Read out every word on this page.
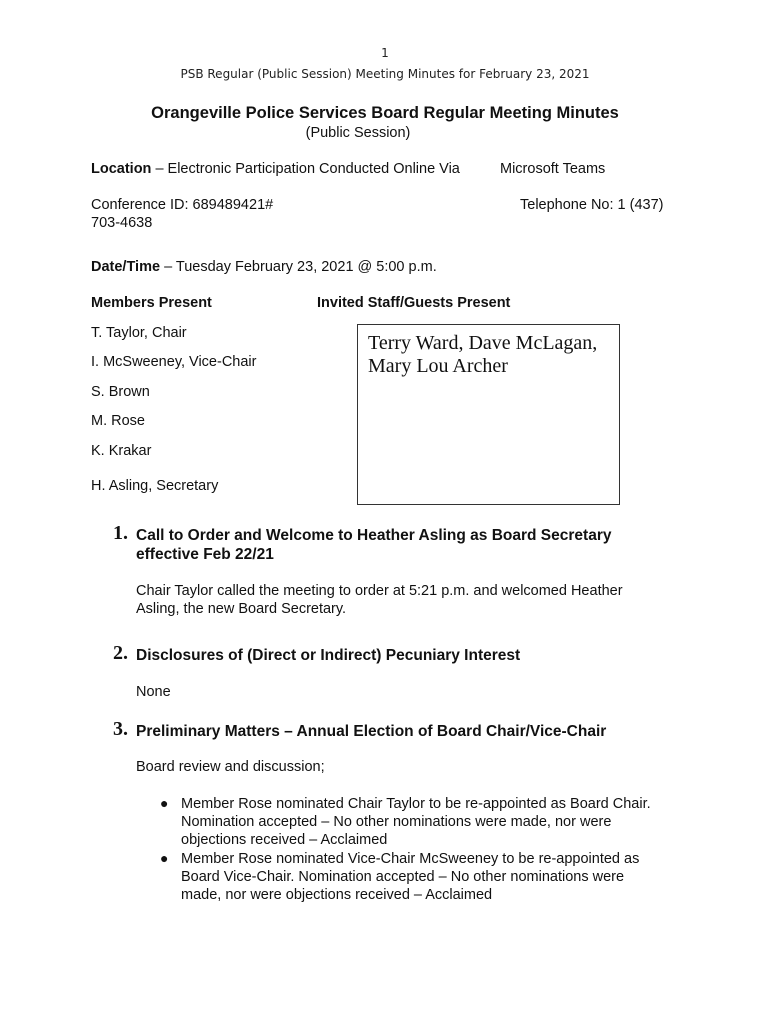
1
PSB Regular (Public Session) Meeting Minutes for February 23, 2021
Orangeville Police Services Board Regular Meeting Minutes
(Public Session)
Location – Electronic Participation Conducted Online Via	Microsoft Teams
Conference ID: 689489421#	Telephone No: 1 (437)
703-4638
Date/Time – Tuesday February 23, 2021 @ 5:00 p.m.
Members Present	Invited Staff/Guests Present
T. Taylor, Chair
I. McSweeney, Vice-Chair
S. Brown
M. Rose
K. Krakar
H. Asling, Secretary
Terry Ward, Dave McLagan, Mary Lou Archer
1. Call to Order and Welcome to Heather Asling as Board Secretary
effective Feb 22/21
Chair Taylor called the meeting to order at 5:21 p.m. and welcomed Heather
Asling, the new Board Secretary.
2. Disclosures of (Direct or Indirect) Pecuniary Interest
None
3. Preliminary Matters – Annual Election of Board Chair/Vice-Chair
Board review and discussion;
● Member Rose nominated Chair Taylor to be re-appointed as Board Chair.
Nomination accepted – No other nominations were made, nor were
objections received – Acclaimed
● Member Rose nominated Vice-Chair McSweeney to be re-appointed as
Board Vice-Chair. Nomination accepted – No other nominations were
made, nor were objections received – Acclaimed
